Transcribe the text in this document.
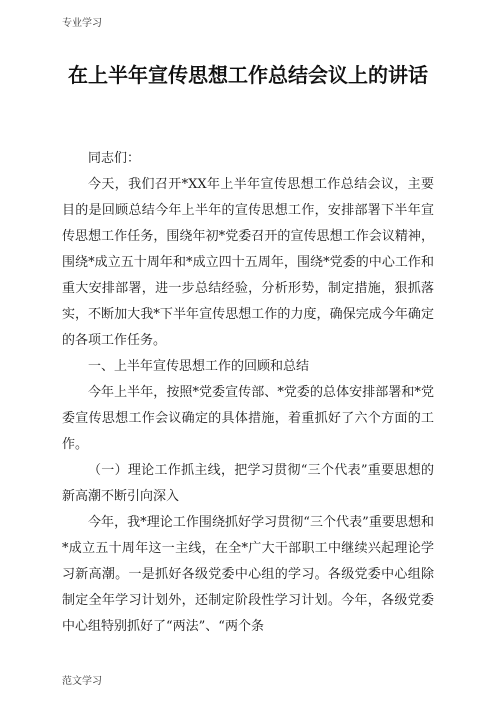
专业学习
在上半年宣传思想工作总结会议上的讲话

同志们：

今天，我们召开*XX年上半年宣传思想工作总结会议，主要目的是回顾总结今年上半年的宣传思想工作，安排部署下半年宣传思想工作任务，围绕年初*党委召开的宣传思想工作会议精神，围绕*成立五十周年和*成立四十五周年，围绕*党委的中心工作和重大安排部署，进一步总结经验，分析形势，制定措施，狠抓落实，不断加大我*下半年宣传思想工作的力度，确保完成今年确定的各项工作任务。

一、上半年宣传思想工作的回顾和总结

今年上半年，按照*党委宣传部、*党委的总体安排部署和*党委宣传思想工作会议确定的具体措施，着重抓好了六个方面的工作。

（一）理论工作抓主线，把学习贯彻“三个代表”重要思想的新高潮不断引向深入

今年，我*理论工作围绕抓好学习贯彻“三个代表”重要思想和*成立五十周年这一主线，在全*广大干部职工中继续兴起理论学习新高潮。一是抓好各级党委中心组的学习。各级党委中心组除制定全年学习计划外，还制定阶段性学习计划。今年，各级党委中心组特别抓好了“两法”、“两个条

范文学习
